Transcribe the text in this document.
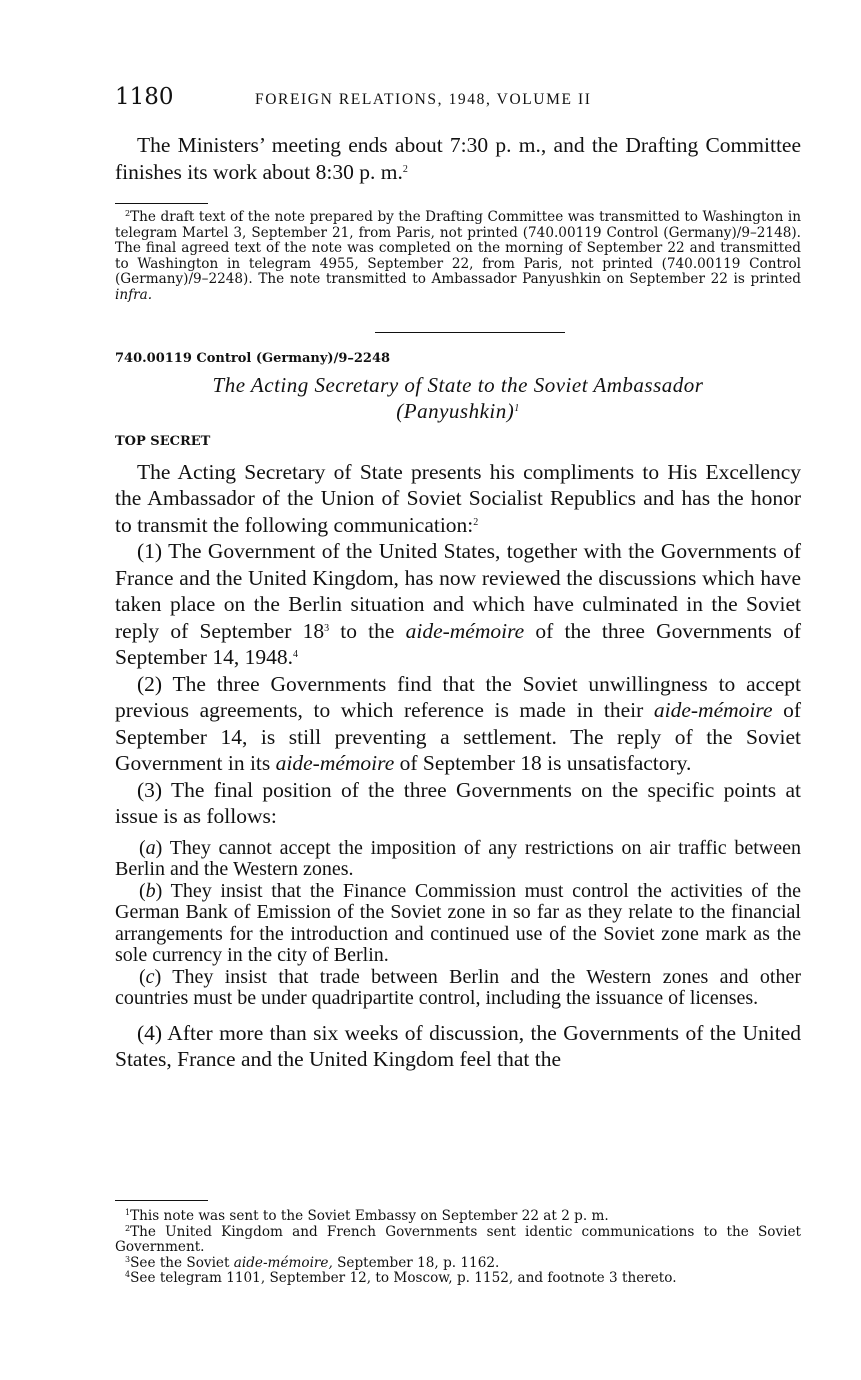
1180	FOREIGN RELATIONS, 1948, VOLUME II

The Ministers’ meeting ends about 7:30 p. m., and the Drafting Committee finishes its work about 8:30 p. m.$^2$

$^2$The draft text of the note prepared by the Drafting Committee was transmitted to Washington in telegram Martel 3, September 21, from Paris, not printed (740.00119 Control (Germany)/9–2148). The final agreed text of the note was completed on the morning of September 22 and transmitted to Washington in telegram 4955, September 22, from Paris, not printed (740.00119 Control (Germany)/9–2248). The note transmitted to Ambassador Panyushkin on September 22 is printed infra.

740.00119 Control (Germany)/9–2248
The Acting Secretary of State to the Soviet Ambassador
(Panyushkin)$^1$
TOP SECRET

The Acting Secretary of State presents his compliments to His Excellency the Ambassador of the Union of Soviet Socialist Republics and has the honor to transmit the following communication:$^2$

(1) The Government of the United States, together with the Governments of France and the United Kingdom, has now reviewed the discussions which have taken place on the Berlin situation and which have culminated in the Soviet reply of September $18^3$ to the aide-mémoire of the three Governments of September 14, 1948.$^4$

(2) The three Governments find that the Soviet unwillingness to accept previous agreements, to which reference is made in their aide-mémoire of September 14, is still preventing a settlement. The reply of the Soviet Government in its aide-mémoire of September 18 is unsatisfactory.

(3) The final position of the three Governments on the specific points at issue is as follows:

(a) They cannot accept the imposition of any restrictions on air traffic between Berlin and the Western zones.

(b) They insist that the Finance Commission must control the activities of the German Bank of Emission of the Soviet zone in so far as they relate to the financial arrangements for the introduction and continued use of the Soviet zone mark as the sole currency in the city of Berlin.

(c) They insist that trade between Berlin and the Western zones and other countries must be under quadripartite control, including the issuance of licenses.

(4) After more than six weeks of discussion, the Governments of the United States, France and the United Kingdom feel that the

$^1$This note was sent to the Soviet Embassy on September 22 at 2 p. m.

$^2$The United Kingdom and French Governments sent identic communications to the Soviet Government.

$^3$See the Soviet aide-mémoire, September 18, p. 1162.

$^4$See telegram 1101, September 12, to Moscow, p. 1152, and footnote 3 thereto.
